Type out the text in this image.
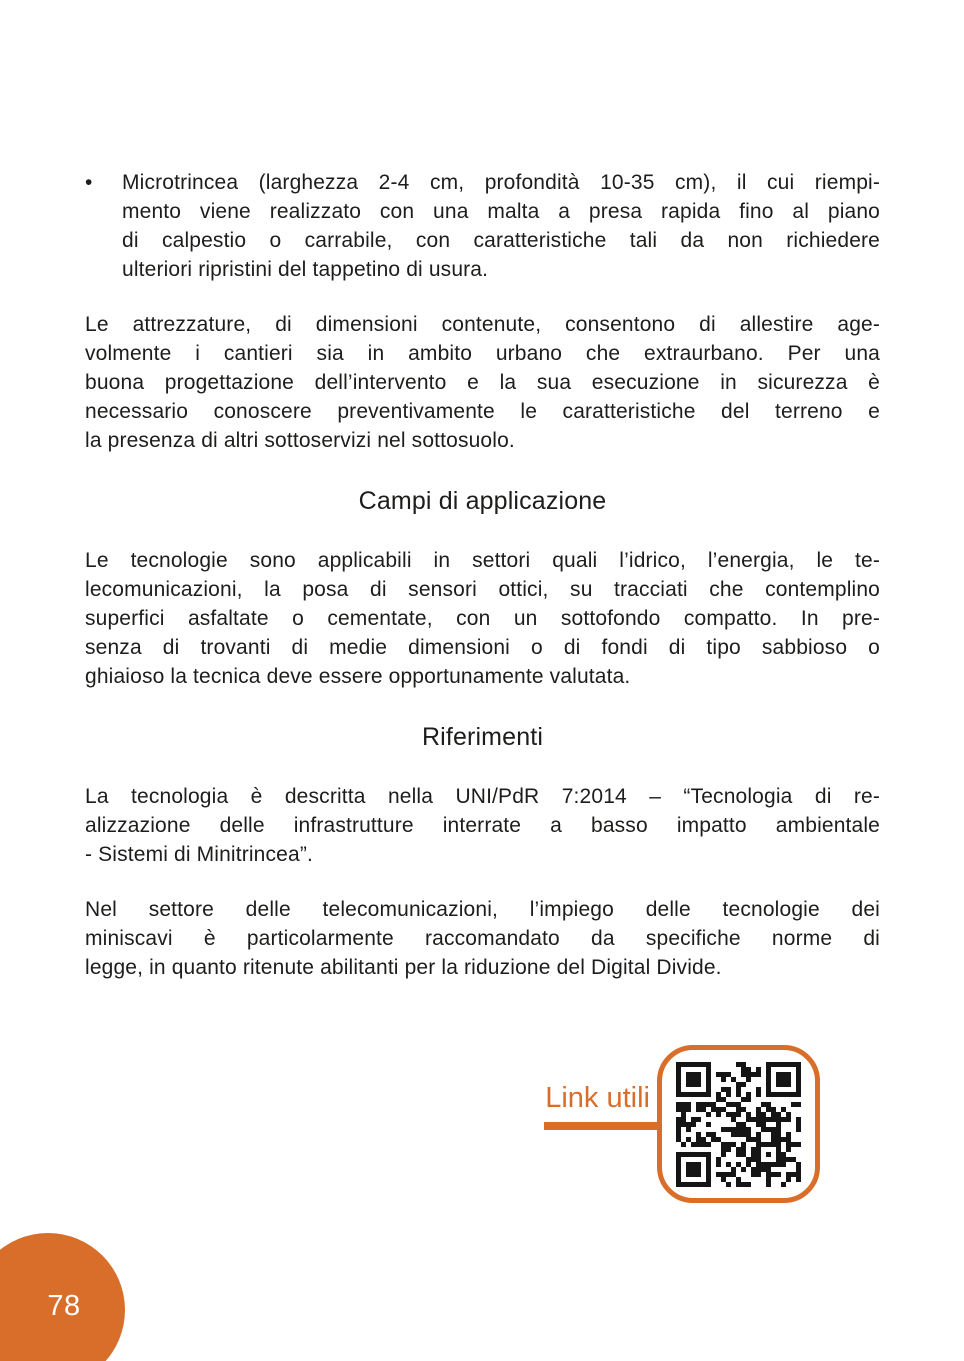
•	Microtrincea (larghezza 2-4 cm, profondità 10-35 cm), il cui riempi-
mento viene realizzato con una malta a presa rapida fino al piano
di calpestio o carrabile, con caratteristiche tali da non richiedere
ulteriori ripristini del tappetino di usura.
Le attrezzature, di dimensioni contenute, consentono di allestire age-
volmente i cantieri sia in ambito urbano che extraurbano. Per una
buona progettazione dell’intervento e la sua esecuzione in sicurezza è
necessario conoscere preventivamente le caratteristiche del terreno e
la presenza di altri sottoservizi nel sottosuolo.
Campi di applicazione
Le tecnologie sono applicabili in settori quali l’idrico, l’energia, le te-
lecomunicazioni, la posa di sensori ottici, su tracciati che contemplino
superfici asfaltate o cementate, con un sottofondo compatto. In pre-
senza di trovanti di medie dimensioni o di fondi di tipo sabbioso o
ghiaioso la tecnica deve essere opportunamente valutata.
Riferimenti
La tecnologia è descritta nella UNI/PdR 7:2014 – “Tecnologia di re-
alizzazione delle infrastrutture interrate a basso impatto ambientale
- Sistemi di Minitrincea”.
Nel settore delle telecomunicazioni, l’impiego delle tecnologie dei
miniscavi è particolarmente raccomandato da specifiche norme di
legge, in quanto ritenute abilitanti per la riduzione del Digital Divide.
Link utili
78
